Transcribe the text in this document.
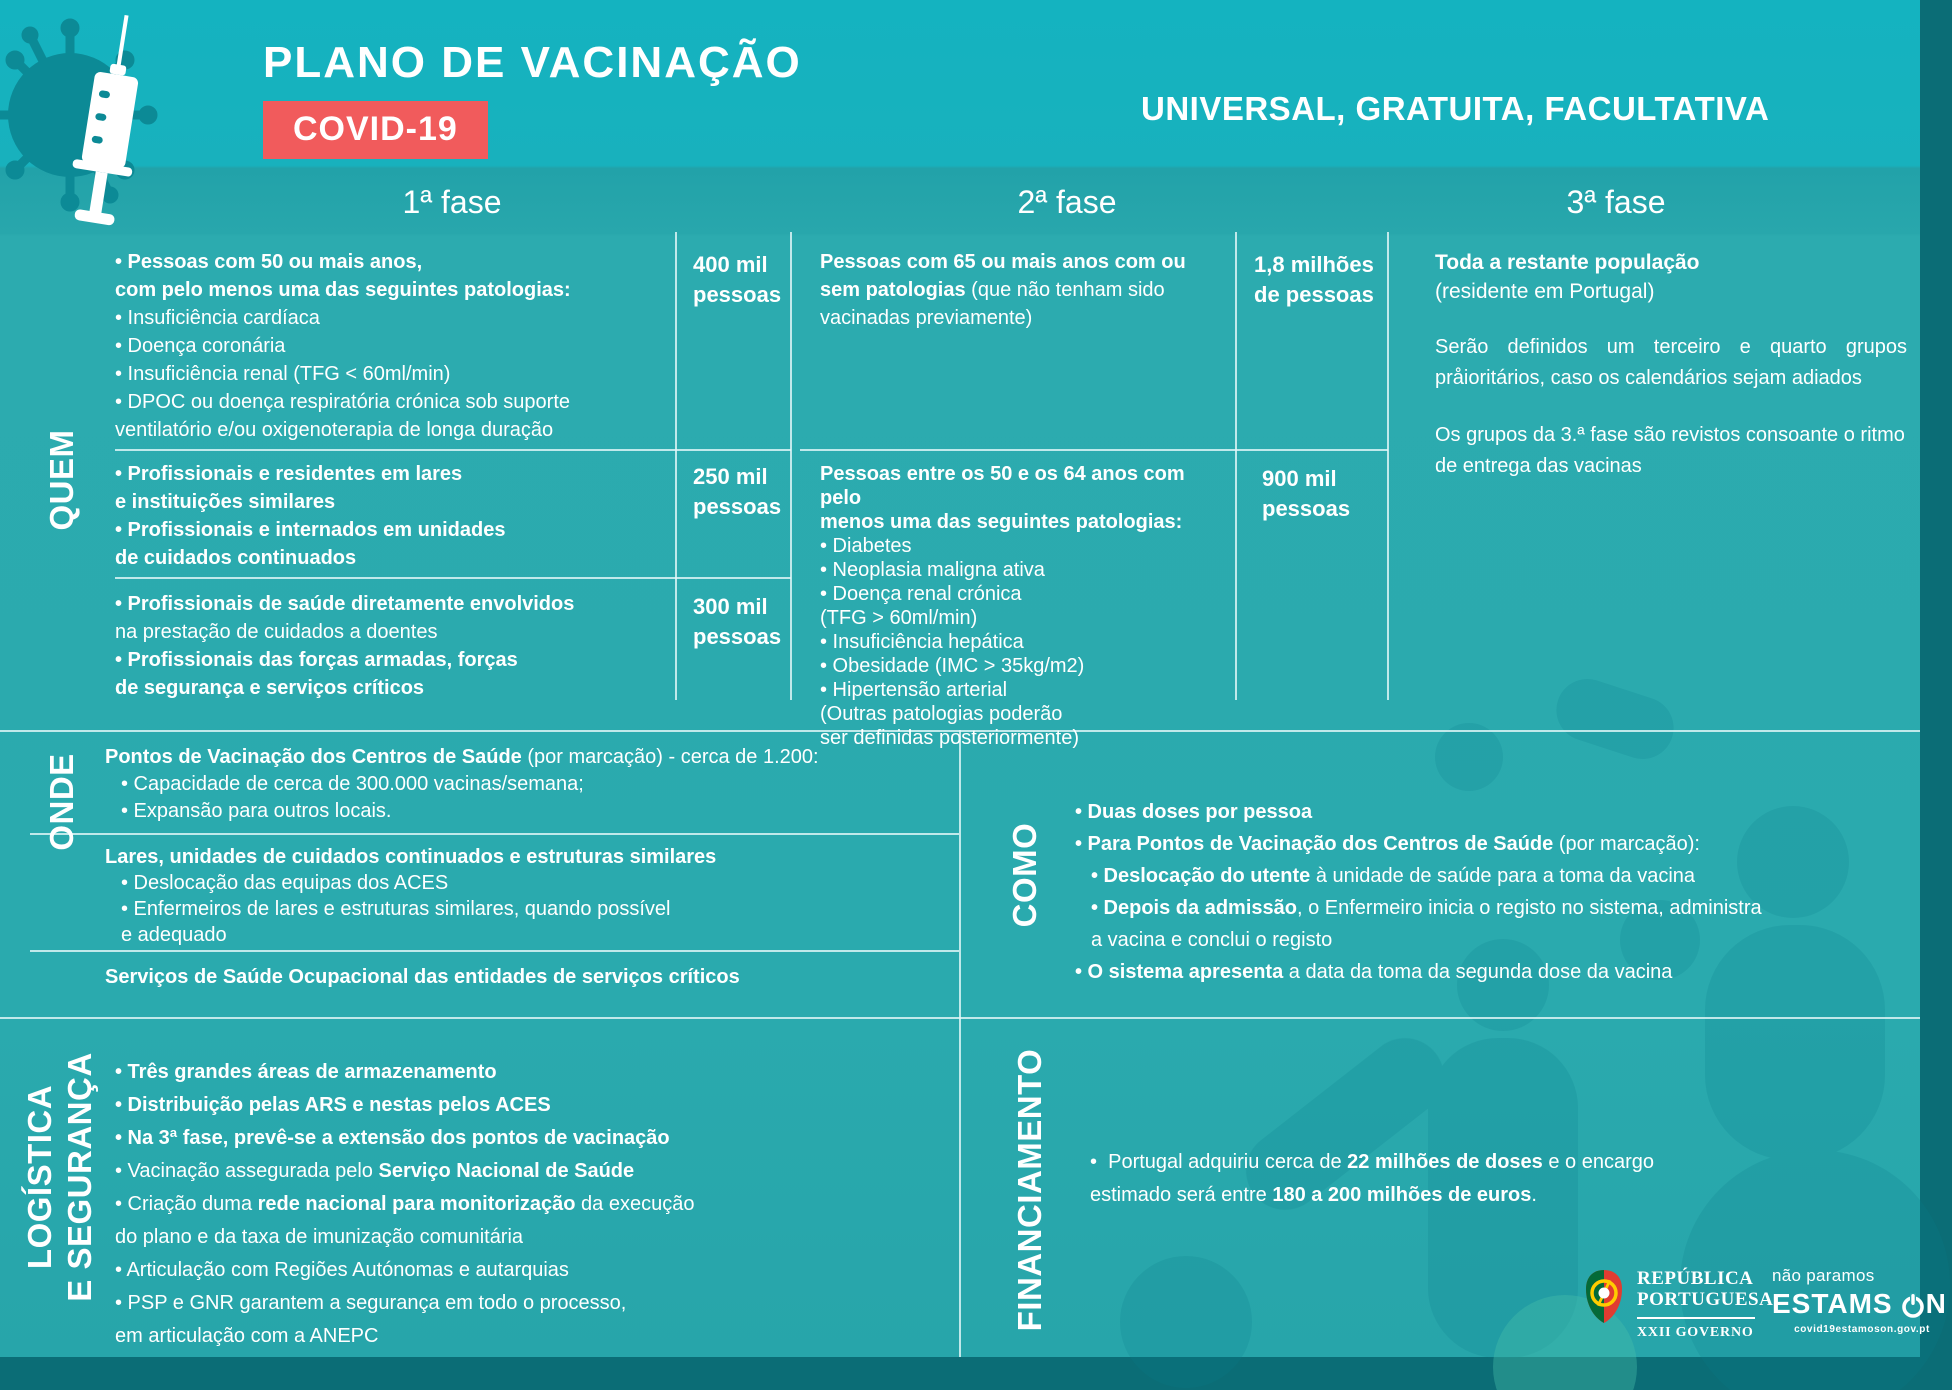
PLANO DE VACINAÇÃO
COVID-19
UNIVERSAL, GRATUITA, FACULTATIVA
1ª fase	2ª fase	3ª fase
QUEM
ONDE
LOGÍSTICA E SEGURANÇA
COMO
FINANCIAMENTO
• Pessoas com 50 ou mais anos,
com pelo menos uma das seguintes patologias:
• Insuficiência cardíaca
• Doença coronária
• Insuficiência renal (TFG < 60ml/min)
• DPOC ou doença respiratória crónica sob suporte
ventilatório e/ou oxigenoterapia de longa duração
400 mil
pessoas
• Profissionais e residentes em lares
e instituições similares
• Profissionais e internados em unidades
de cuidados continuados
250 mil
pessoas
• Profissionais de saúde diretamente envolvidos
na prestação de cuidados a doentes
• Profissionais das forças armadas, forças
de segurança e serviços críticos
300 mil
pessoas
Pessoas com 65 ou mais anos com ou
sem patologias (que não tenham sido
vacinadas previamente)
1,8 milhões
de pessoas
Pessoas entre os 50 e os 64 anos com pelo
menos uma das seguintes patologias:
• Diabetes
• Neoplasia maligna ativa
• Doença renal crónica
(TFG > 60ml/min)
• Insuficiência hepática
• Obesidade (IMC > 35kg/m2)
• Hipertensão arterial
(Outras patologias poderão
ser definidas posteriormente)
900 mil
pessoas
Toda a restante população
(residente em Portugal)
Serão definidos um terceiro e quarto grupos pråioritários, caso os calendários sejam adiados
Os grupos da 3.ª fase são revistos consoante o ritmo de entrega das vacinas
Pontos de Vacinação dos Centros de Saúde (por marcação) - cerca de 1.200:
• Capacidade de cerca de 300.000 vacinas/semana;
• Expansão para outros locais.
Lares, unidades de cuidados continuados e estruturas similares
• Deslocação das equipas dos ACES
• Enfermeiros de lares e estruturas similares, quando possível
e adequado
Serviços de Saúde Ocupacional das entidades de serviços críticos
• Duas doses por pessoa
• Para Pontos de Vacinação dos Centros de Saúde (por marcação):
• Deslocação do utente à unidade de saúde para a toma da vacina
• Depois da admissão, o Enfermeiro inicia o registo no sistema, administra
a vacina e conclui o registo
• O sistema apresenta a data da toma da segunda dose da vacina
• Três grandes áreas de armazenamento
• Distribuição pelas ARS e nestas pelos ACES
• Na 3ª fase, prevê-se a extensão dos pontos de vacinação
• Vacinação assegurada pelo Serviço Nacional de Saúde
• Criação duma rede nacional para monitorização da execução
do plano e da taxa de imunização comunitária
• Articulação com Regiões Autónomas e autarquias
• PSP e GNR garantem a segurança em todo o processo,
em articulação com a ANEPC
•  Portugal adquiriu cerca de 22 milhões de doses e o encargo
estimado será entre 180 a 200 milhões de euros.
REPÚBLICA
PORTUGUESA
XXII GOVERNO
não paramos
ESTAM S N
covid19estamoson.gov.pt
